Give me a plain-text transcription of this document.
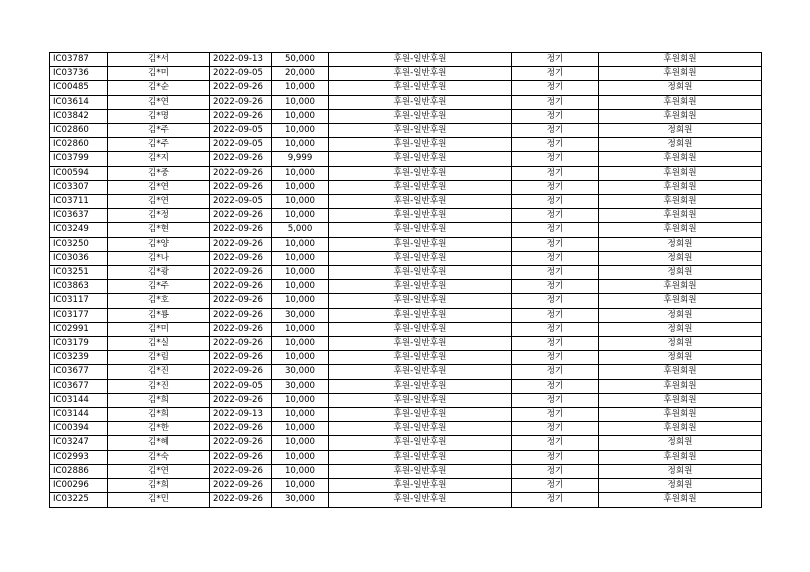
IC03787	김*서	2022-09-13	50,000	후원-일반후원	정기	후원회원
IC03736	김*미	2022-09-05	20,000	후원-일반후원	정기	후원회원
IC00485	김*순	2022-09-26	10,000	후원-일반후원	정기	정회원
IC03614	김*연	2022-09-26	10,000	후원-일반후원	정기	후원회원
IC03842	김*명	2022-09-26	10,000	후원-일반후원	정기	후원회원
IC02860	김*주	2022-09-05	10,000	후원-일반후원	정기	정회원
IC02860	김*주	2022-09-05	10,000	후원-일반후원	정기	정회원
IC03799	김*지	2022-09-26	9,999	후원-일반후원	정기	후원회원
IC00594	김*중	2022-09-26	10,000	후원-일반후원	정기	후원회원
IC03307	김*연	2022-09-26	10,000	후원-일반후원	정기	후원회원
IC03711	김*연	2022-09-05	10,000	후원-일반후원	정기	후원회원
IC03637	김*정	2022-09-26	10,000	후원-일반후원	정기	후원회원
IC03249	김*현	2022-09-26	5,000	후원-일반후원	정기	후원회원
IC03250	김*양	2022-09-26	10,000	후원-일반후원	정기	정회원
IC03036	김*나	2022-09-26	10,000	후원-일반후원	정기	정회원
IC03251	김*광	2022-09-26	10,000	후원-일반후원	정기	정회원
IC03863	김*주	2022-09-26	10,000	후원-일반후원	정기	후원회원
IC03117	김*호	2022-09-26	10,000	후원-일반후원	정기	후원회원
IC03177	김*룡	2022-09-26	30,000	후원-일반후원	정기	정회원
IC02991	김*미	2022-09-26	10,000	후원-일반후원	정기	정회원
IC03179	김*실	2022-09-26	10,000	후원-일반후원	정기	정회원
IC03239	김*림	2022-09-26	10,000	후원-일반후원	정기	정회원
IC03677	김*진	2022-09-26	30,000	후원-일반후원	정기	후원회원
IC03677	김*진	2022-09-05	30,000	후원-일반후원	정기	후원회원
IC03144	김*희	2022-09-26	10,000	후원-일반후원	정기	후원회원
IC03144	김*희	2022-09-13	10,000	후원-일반후원	정기	후원회원
IC00394	김*한	2022-09-26	10,000	후원-일반후원	정기	후원회원
IC03247	김*혜	2022-09-26	10,000	후원-일반후원	정기	정회원
IC02993	김*숙	2022-09-26	10,000	후원-일반후원	정기	후원회원
IC02886	김*연	2022-09-26	10,000	후원-일반후원	정기	정회원
IC00296	김*희	2022-09-26	10,000	후원-일반후원	정기	정회원
IC03225	김*민	2022-09-26	30,000	후원-일반후원	정기	후원회원
